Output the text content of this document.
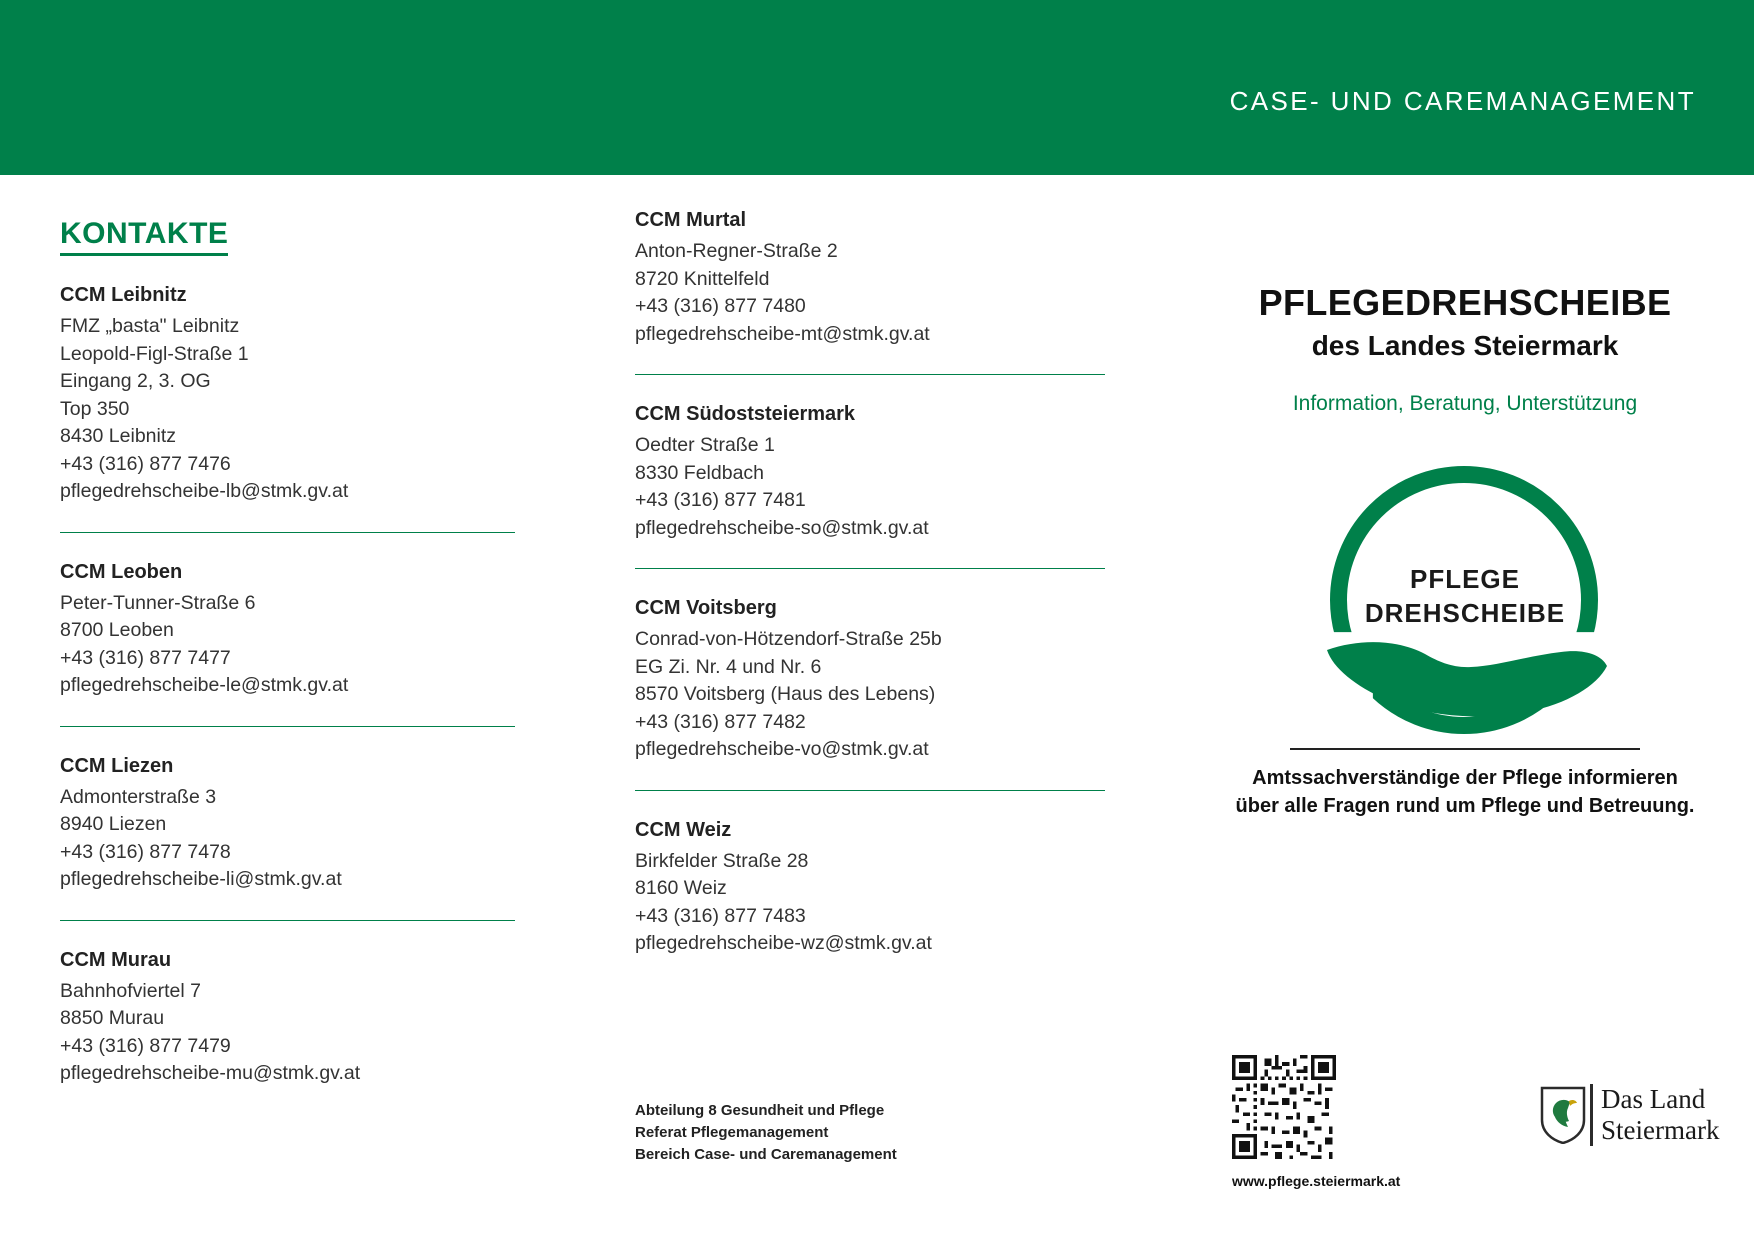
CASE- UND CAREMANAGEMENT
KONTAKTE
CCM Leibnitz
FMZ „basta" Leibnitz
Leopold-Figl-Straße 1
Eingang 2, 3. OG
Top 350
8430 Leibnitz
+43 (316) 877 7476
pflegedrehscheibe-lb@stmk.gv.at
CCM Leoben
Peter-Tunner-Straße 6
8700 Leoben
+43 (316) 877 7477
pflegedrehscheibe-le@stmk.gv.at
CCM Liezen
Admonterstraße 3
8940 Liezen
+43 (316) 877 7478
pflegedrehscheibe-li@stmk.gv.at
CCM Murau
Bahnhofviertel 7
8850 Murau
+43 (316) 877 7479
pflegedrehscheibe-mu@stmk.gv.at
CCM Murtal
Anton-Regner-Straße 2
8720 Knittelfeld
+43 (316) 877 7480
pflegedrehscheibe-mt@stmk.gv.at
CCM Südoststeiermark
Oedter Straße 1
8330 Feldbach
+43 (316) 877 7481
pflegedrehscheibe-so@stmk.gv.at
CCM Voitsberg
Conrad-von-Hötzendorf-Straße 25b
EG Zi. Nr. 4 und Nr. 6
8570 Voitsberg (Haus des Lebens)
+43 (316) 877 7482
pflegedrehscheibe-vo@stmk.gv.at
CCM Weiz
Birkfelder Straße 28
8160 Weiz
+43 (316) 877 7483
pflegedrehscheibe-wz@stmk.gv.at
PFLEGEDREHSCHEIBE
des Landes Steiermark
Information, Beratung, Unterstützung
PFLEGE
DREHSCHEIBE
Amtssachverständige der Pflege informieren
über alle Fragen rund um Pflege und Betreuung.
Abteilung 8 Gesundheit und Pflege
Referat Pflegemanagement
Bereich Case- und Caremanagement
www.pflege.steiermark.at
Das Land
Steiermark
